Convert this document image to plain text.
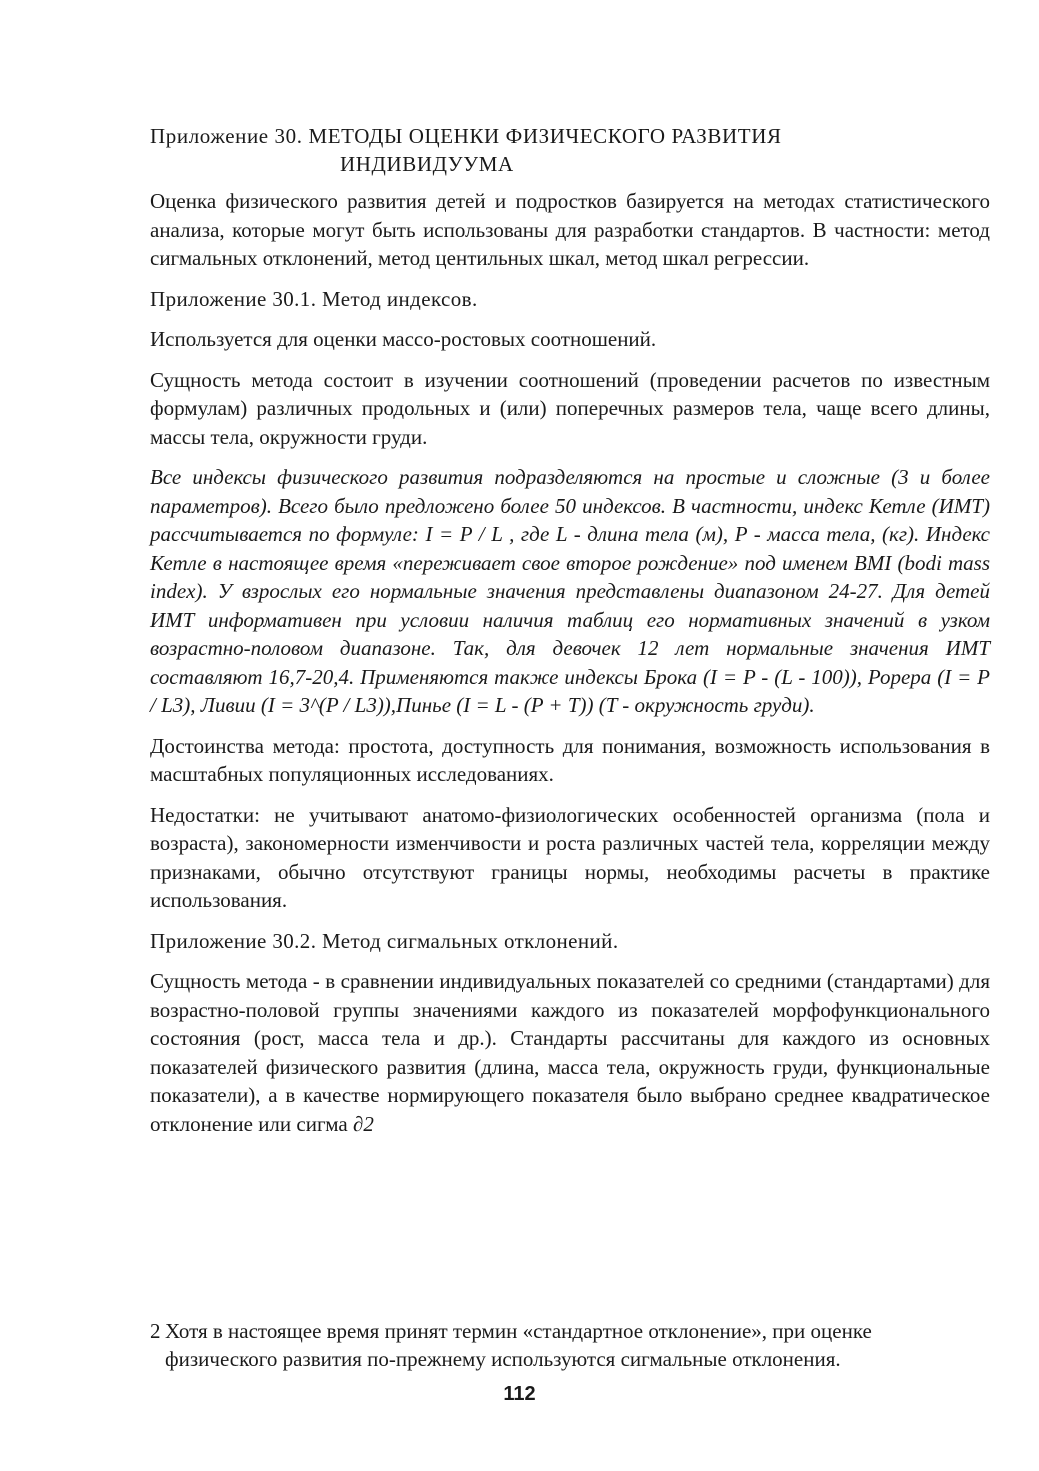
Приложение 30. МЕТОДЫ ОЦЕНКИ ФИЗИЧЕСКОГО РАЗВИТИЯ
ИНДИВИДУУМА

Оценка физического развития детей и подростков базируется на методах статистического анализа, которые могут быть использованы для разработки стандартов. В частности: метод сигмальных отклонений, метод центильных шкал, метод шкал регрессии.

Приложение 30.1. Метод индексов.

Используется для оценки массо-ростовых соотношений.

Сущность метода состоит в изучении соотношений (проведении расчетов по известным формулам) различных продольных и (или) поперечных размеров тела, чаще всего длины, массы тела, окружности груди.

Все индексы физического развития подразделяются на простые и сложные (3 и более параметров). Всего было предложено более 50 индексов. В частности, индекс Кетле (ИМТ) рассчитывается по формуле: I = P / L , где L - длина тела (м), P - масса тела, (кг). Индекс Кетле в настоящее время «переживает свое второе рождение» под именем BMI (bodi mass index). У взрослых его нормальные значения представлены диапазоном 24-27. Для детей ИМТ информативен при условии наличия таблиц его нормативных значений в узком возрастно-половом диапазоне. Так, для девочек 12 лет нормальные значения ИМТ составляют 16,7-20,4. Применяются также индексы Брока (I = P - (L - 100)), Рорера (I = P / L3), Ливии (I = 3^(P / L3)),Пинье (I = L - (P + T)) (T - окружность груди).

Достоинства метода: простота, доступность для понимания, возможность использования в масштабных популяционных исследованиях.

Недостатки: не учитывают анатомо-физиологических особенностей организма (пола и возраста), закономерности изменчивости и роста различных частей тела, корреляции между признаками, обычно отсутствуют границы нормы, необходимы расчеты в практике использования.

Приложение 30.2. Метод сигмальных отклонений.

Сущность метода - в сравнении индивидуальных показателей со средними (стандартами) для возрастно-половой группы значениями каждого из показателей морфофункционального состояния (рост, масса тела и др.). Стандарты рассчитаны для каждого из основных показателей физического развития (длина, масса тела, окружность груди, функциональные показатели), а в качестве нормирующего показателя было выбрано среднее квадратическое отклонение или сигма ∂2

2 Хотя в настоящее время принят термин «стандартное отклонение», при оценке
физического развития по-прежнему используются сигмальные отклонения.
112
